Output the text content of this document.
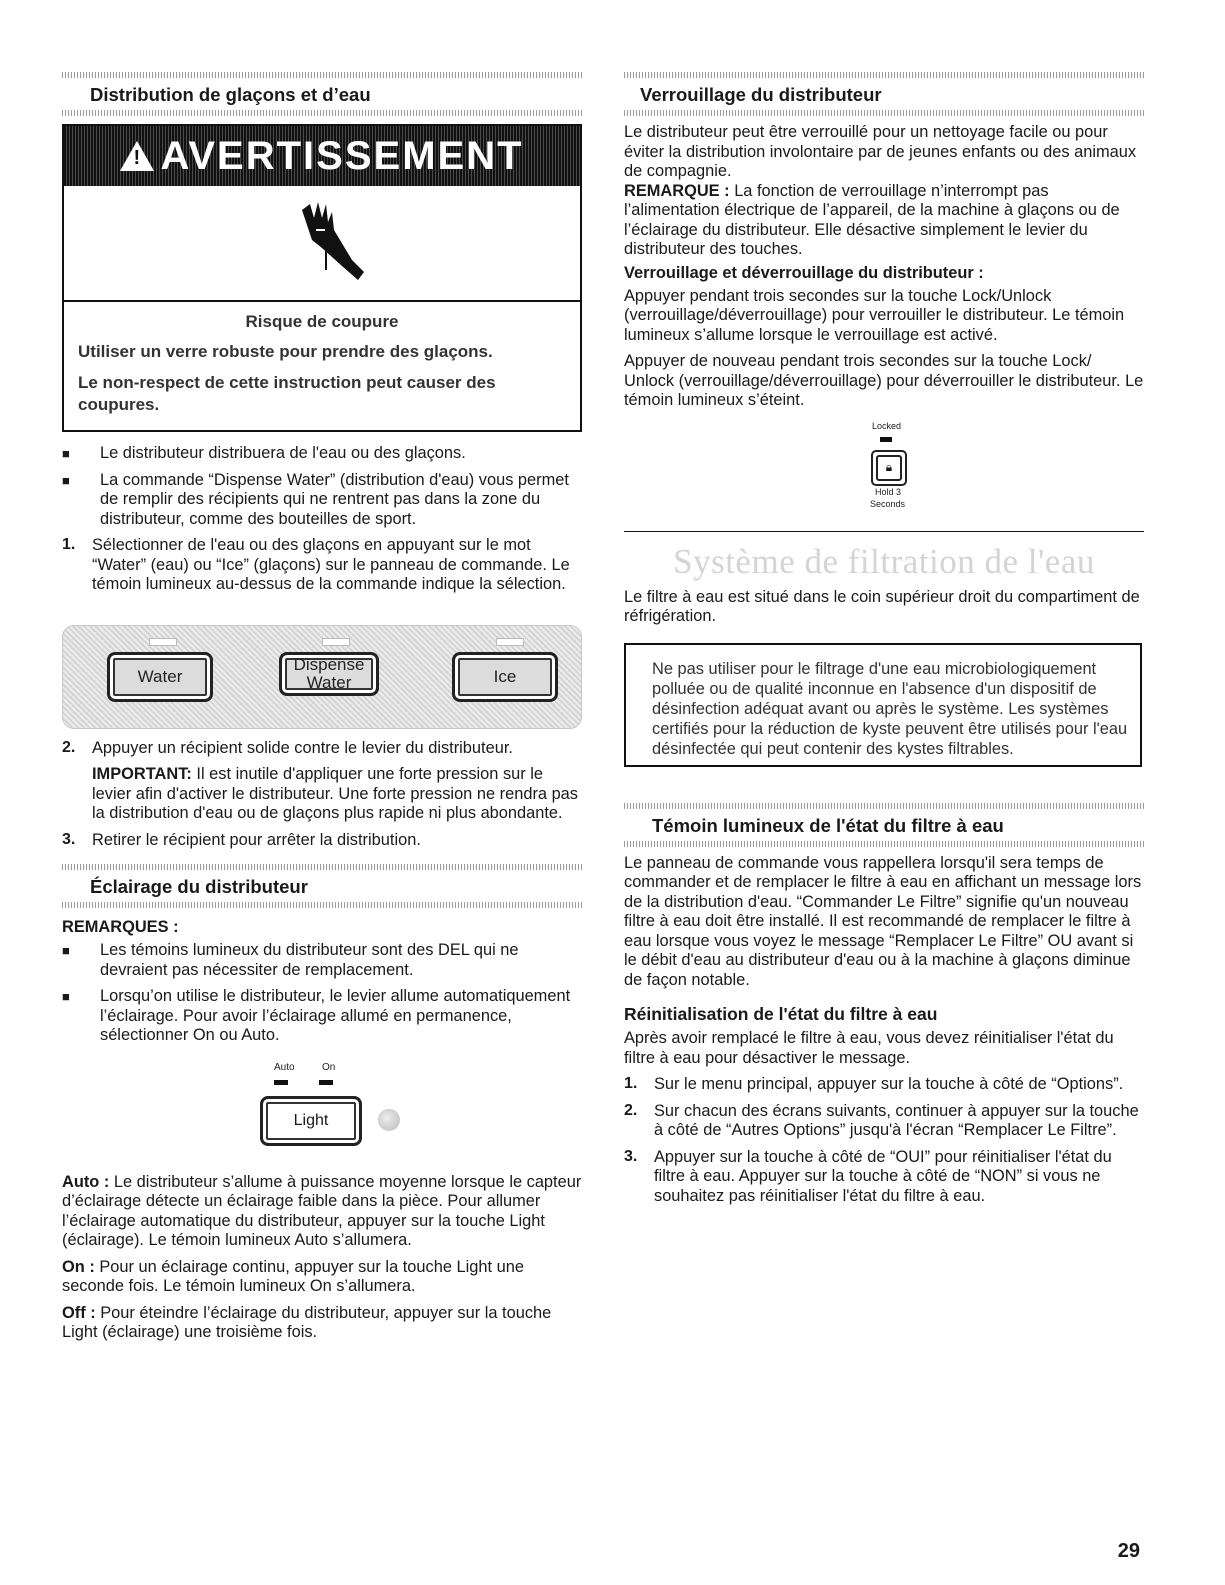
Distribution de glaçons et d’eau
! AVERTISSEMENT
Risque de coupure
Utiliser un verre robuste pour prendre des glaçons.
Le non-respect de cette instruction peut causer des coupures.
■	Le distributeur distribuera de l'eau ou des glaçons.

■	La commande “Dispense Water” (distribution d'eau) vous permet de remplir des récipients qui ne rentrent pas dans la zone du distributeur, comme des bouteilles de sport.

1.	Sélectionner de l'eau ou des glaçons en appuyant sur le mot “Water” (eau) ou “Ice” (glaçons) sur le panneau de commande. Le témoin lumineux au-dessus de la commande indique la sélection.

Water
Dispense Water	Ice
2.	Appuyer un récipient solide contre le levier du distributeur.

IMPORTANT: Il est inutile d'appliquer une forte pression sur le levier afin d'activer le distributeur. Une forte pression ne rendra pas la distribution d'eau ou de glaçons plus rapide ni plus abondante.

3.	Retirer le récipient pour arrêter la distribution.

Éclairage du distributeur
REMARQUES :
■	Les témoins lumineux du distributeur sont des DEL qui ne devraient pas nécessiter de remplacement.

■	Lorsqu’on utilise le distributeur, le levier allume automatiquement l’éclairage. Pour avoir l’éclairage allumé en permanence, sélectionner On ou Auto.

Auto	On
Light

Auto : Le distributeur s’allume à puissance moyenne lorsque le capteur d’éclairage détecte un éclairage faible dans la pièce. Pour allumer l’éclairage automatique du distributeur, appuyer sur la touche Light (éclairage). Le témoin lumineux Auto s’allumera.

On : Pour un éclairage continu, appuyer sur la touche Light une seconde fois. Le témoin lumineux On s’allumera.

Off : Pour éteindre l’éclairage du distributeur, appuyer sur la touche Light (éclairage) une troisième fois.

Verrouillage du distributeur

Le distributeur peut être verrouillé pour un nettoyage facile ou pour éviter la distribution involontaire par de jeunes enfants ou des animaux de compagnie.

REMARQUE : La fonction de verrouillage n’interrompt pas l’alimentation électrique de l’appareil, de la machine à glaçons ou de l’éclairage du distributeur. Elle désactive simplement le levier du distributeur des touches.

Verrouillage et déverrouillage du distributeur :

Appuyer pendant trois secondes sur la touche Lock/Unlock (verrouillage/déverrouillage) pour verrouiller le distributeur. Le témoin lumineux s’allume lorsque le verrouillage est activé.

Appuyer de nouveau pendant trois secondes sur la touche Lock/ Unlock (verrouillage/déverrouillage) pour déverrouiller le distributeur. Le témoin lumineux s’éteint.

Locked
🔒︎
Hold 3
Seconds
Système de filtration de l'eau

Le filtre à eau est situé dans le coin supérieur droit du compartiment de réfrigération.

Ne pas utiliser pour le filtrage d'une eau microbiologiquement polluée ou de qualité inconnue en l'absence d'un dispositif de désinfection adéquat avant ou après le système. Les systèmes certifiés pour la réduction de kyste peuvent être utilisés pour l'eau désinfectée qui peut contenir des kystes filtrables.

Témoin lumineux de l'état du filtre à eau

Le panneau de commande vous rappellera lorsqu'il sera temps de commander et de remplacer le filtre à eau en affichant un message lors de la distribution d'eau. “Commander Le Filtre” signifie qu'un nouveau filtre à eau doit être installé. Il est recommandé de remplacer le filtre à eau lorsque vous voyez le message “Remplacer Le Filtre” OU avant si le débit d'eau au distributeur d'eau ou à la machine à glaçons diminue de façon notable.

Réinitialisation de l'état du filtre à eau

Après avoir remplacé le filtre à eau, vous devez réinitialiser l'état du filtre à eau pour désactiver le message.

1.	Sur le menu principal, appuyer sur la touche à côté de “Options”.

2.	Sur chacun des écrans suivants, continuer à appuyer sur la touche à côté de “Autres Options” jusqu'à l'écran “Remplacer Le Filtre”.

3.	Appuyer sur la touche à côté de “OUI” pour réinitialiser l'état du filtre à eau. Appuyer sur la touche à côté de “NON” si vous ne souhaitez pas réinitialiser l'état du filtre à eau.

29
